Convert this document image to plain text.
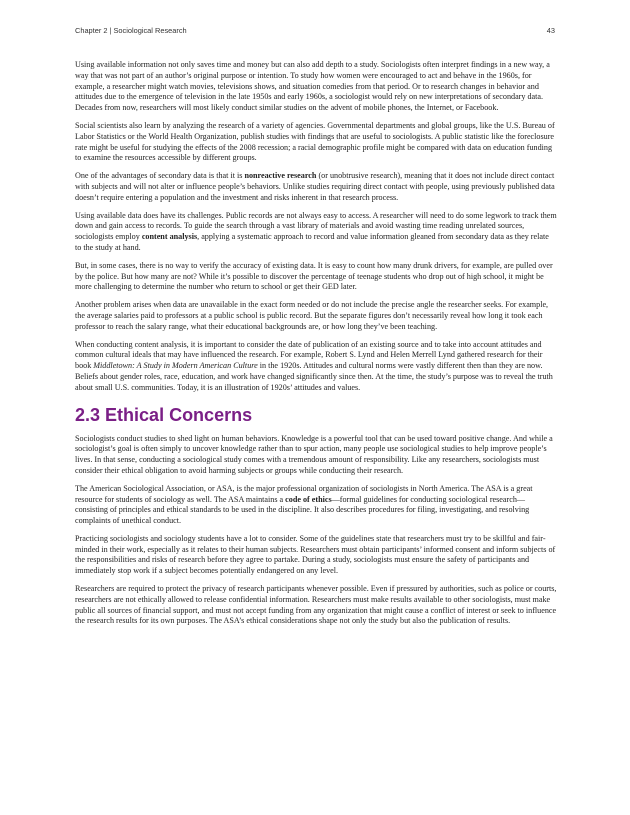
Chapter 2 | Sociological Research	43

Using available information not only saves time and money but can also add depth to a study. Sociologists often interpret findings in a new way, a way that was not part of an author’s original purpose or intention. To study how women were encouraged to act and behave in the 1960s, for example, a researcher might watch movies, televisions shows, and situation comedies from that period. Or to research changes in behavior and attitudes due to the emergence of television in the late 1950s and early 1960s, a sociologist would rely on new interpretations of secondary data. Decades from now, researchers will most likely conduct similar studies on the advent of mobile phones, the Internet, or Facebook.

Social scientists also learn by analyzing the research of a variety of agencies. Governmental departments and global groups, like the U.S. Bureau of Labor Statistics or the World Health Organization, publish studies with findings that are useful to sociologists. A public statistic like the foreclosure rate might be useful for studying the effects of the 2008 recession; a racial demographic profile might be compared with data on education funding to examine the resources accessible by different groups.

One of the advantages of secondary data is that it is nonreactive research (or unobtrusive research), meaning that it does not include direct contact with subjects and will not alter or influence people’s behaviors. Unlike studies requiring direct contact with people, using previously published data doesn’t require entering a population and the investment and risks inherent in that research process.

Using available data does have its challenges. Public records are not always easy to access. A researcher will need to do some legwork to track them down and gain access to records. To guide the search through a vast library of materials and avoid wasting time reading unrelated sources, sociologists employ content analysis, applying a systematic approach to record and value information gleaned from secondary data as they relate to the study at hand.

But, in some cases, there is no way to verify the accuracy of existing data. It is easy to count how many drunk drivers, for example, are pulled over by the police. But how many are not? While it’s possible to discover the percentage of teenage students who drop out of high school, it might be more challenging to determine the number who return to school or get their GED later.

Another problem arises when data are unavailable in the exact form needed or do not include the precise angle the researcher seeks. For example, the average salaries paid to professors at a public school is public record. But the separate figures don’t necessarily reveal how long it took each professor to reach the salary range, what their educational backgrounds are, or how long they’ve been teaching.

When conducting content analysis, it is important to consider the date of publication of an existing source and to take into account attitudes and common cultural ideals that may have influenced the research. For example, Robert S. Lynd and Helen Merrell Lynd gathered research for their book Middletown: A Study in Modern American Culture in the 1920s. Attitudes and cultural norms were vastly different then than they are now. Beliefs about gender roles, race, education, and work have changed significantly since then. At the time, the study’s purpose was to reveal the truth about small U.S. communities. Today, it is an illustration of 1920s’ attitudes and values.

2.3 Ethical Concerns

Sociologists conduct studies to shed light on human behaviors. Knowledge is a powerful tool that can be used toward positive change. And while a sociologist’s goal is often simply to uncover knowledge rather than to spur action, many people use sociological studies to help improve people’s lives. In that sense, conducting a sociological study comes with a tremendous amount of responsibility. Like any researchers, sociologists must consider their ethical obligation to avoid harming subjects or groups while conducting their research.

The American Sociological Association, or ASA, is the major professional organization of sociologists in North America. The ASA is a great resource for students of sociology as well. The ASA maintains a code of ethics—formal guidelines for conducting sociological research—consisting of principles and ethical standards to be used in the discipline. It also describes procedures for filing, investigating, and resolving complaints of unethical conduct.

Practicing sociologists and sociology students have a lot to consider. Some of the guidelines state that researchers must try to be skillful and fair-minded in their work, especially as it relates to their human subjects. Researchers must obtain participants’ informed consent and inform subjects of the responsibilities and risks of research before they agree to partake. During a study, sociologists must ensure the safety of participants and immediately stop work if a subject becomes potentially endangered on any level.

Researchers are required to protect the privacy of research participants whenever possible. Even if pressured by authorities, such as police or courts, researchers are not ethically allowed to release confidential information. Researchers must make results available to other sociologists, must make public all sources of financial support, and must not accept funding from any organization that might cause a conflict of interest or seek to influence the research results for its own purposes. The ASA’s ethical considerations shape not only the study but also the publication of results.
